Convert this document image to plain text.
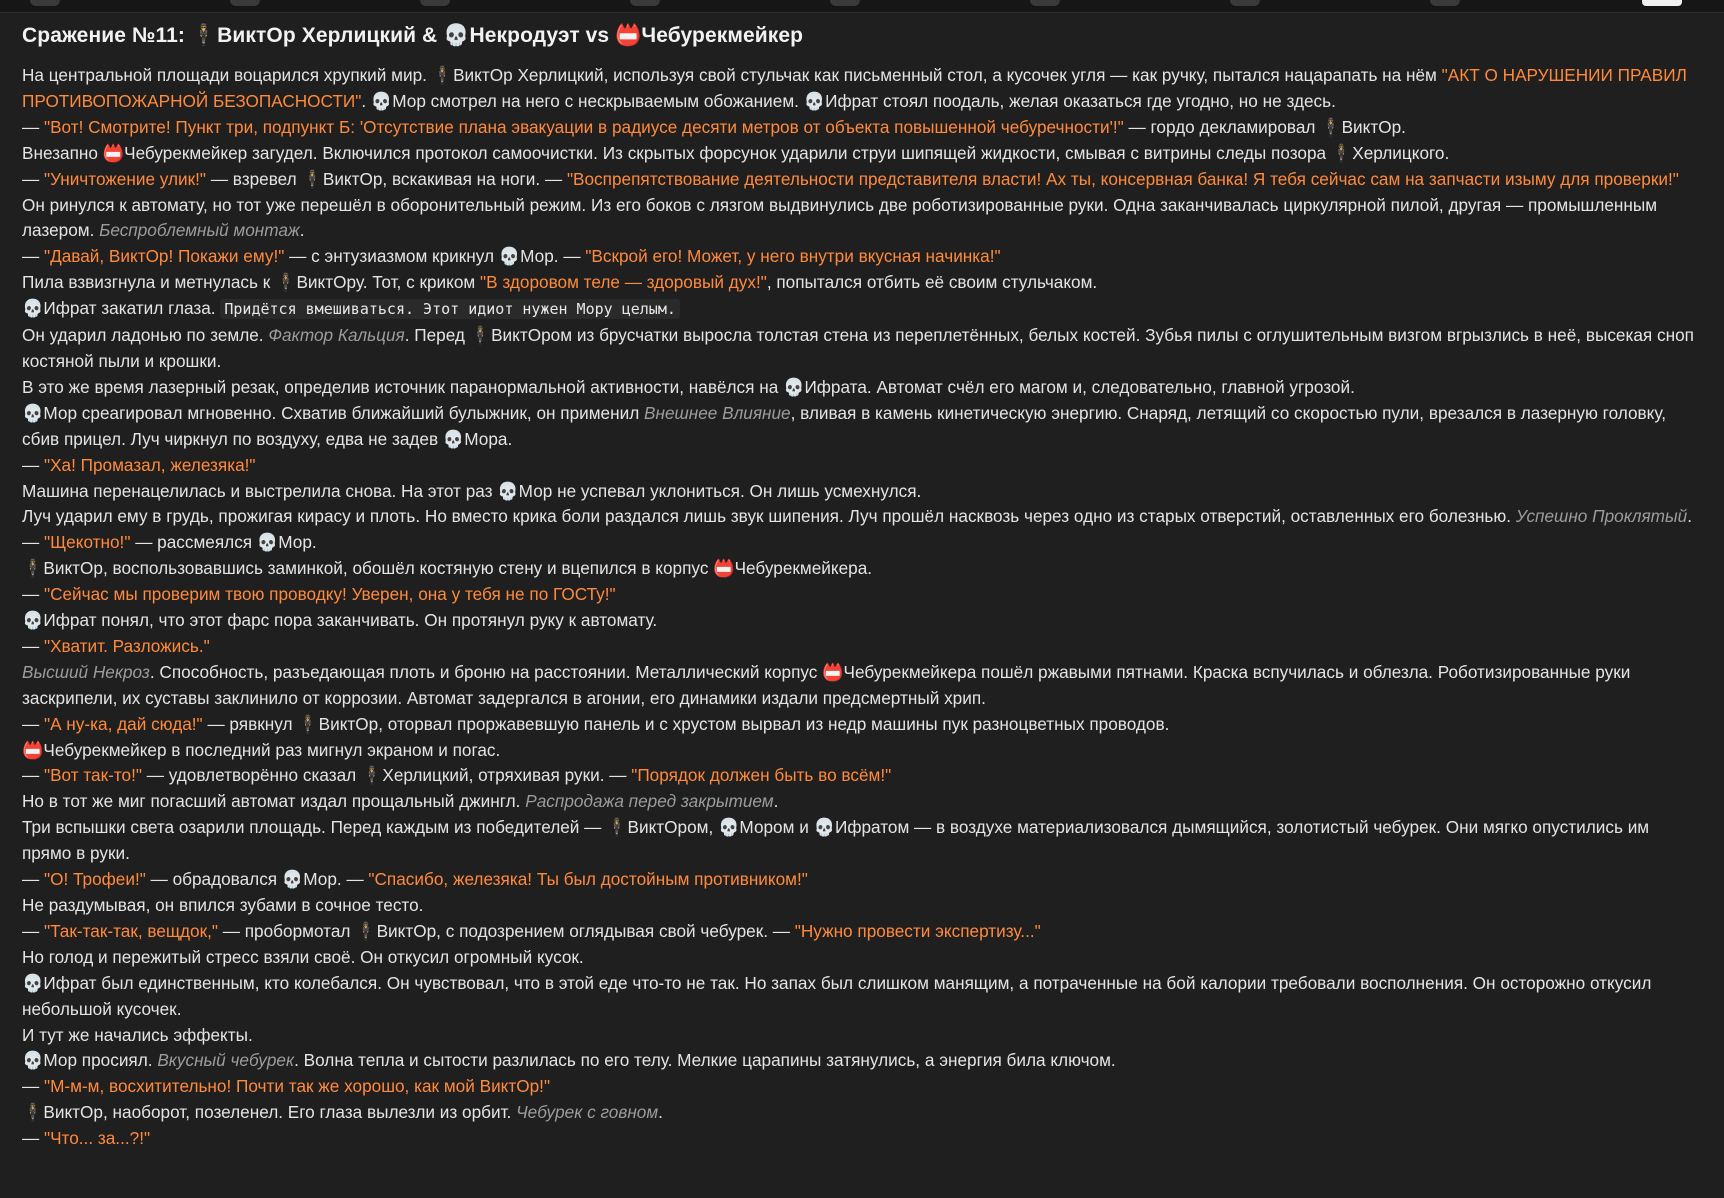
Сражение №11: 🕴ВиктОр Херлицкий & 💀Некродуэт vs 📛Чебурекмейкер

На центральной площади воцарился хрупкий мир. 🕴ВиктОр Херлицкий, используя свой стульчак как письменный стол, а кусочек угля — как ручку, пытался нацарапать на нём "АКТ О НАРУШЕНИИ ПРАВИЛ ПРОТИВОПОЖАРНОЙ БЕЗОПАСНОСТИ". 💀Мор смотрел на него с нескрываемым обожанием. 💀Ифрат стоял поодаль, желая оказаться где угодно, но не здесь.

— "Вот! Смотрите! Пункт три, подпункт Б: 'Отсутствие плана эвакуации в радиусе десяти метров от объекта повышенной чебуречности'!" — гордо декламировал 🕴ВиктОр.

Внезапно 📛Чебурекмейкер загудел. Включился протокол самоочистки. Из скрытых форсунок ударили струи шипящей жидкости, смывая с витрины следы позора 🕴Херлицкого.

— "Уничтожение улик!" — взревел 🕴ВиктОр, вскакивая на ноги. — "Воспрепятствование деятельности представителя власти! Ах ты, консервная банка! Я тебя сейчас сам на запчасти изыму для проверки!"

Он ринулся к автомату, но тот уже перешёл в оборонительный режим. Из его боков с лязгом выдвинулись две роботизированные руки. Одна заканчивалась циркулярной пилой, другая — промышленным лазером. Беспроблемный монтаж.

— "Давай, ВиктОр! Покажи ему!" — с энтузиазмом крикнул 💀Мор. — "Вскрой его! Может, у него внутри вкусная начинка!"

Пила взвизгнула и метнулась к 🕴ВиктОру. Тот, с криком "В здоровом теле — здоровый дух!", попытался отбить её своим стульчаком.

💀Ифрат закатил глаза. Придётся вмешиваться. Этот идиот нужен Мору целым.

Он ударил ладонью по земле. Фактор Кальция. Перед 🕴ВиктОром из брусчатки выросла толстая стена из переплетённых, белых костей. Зубья пилы с оглушительным визгом вгрызлись в неё, высекая сноп костяной пыли и крошки.

В это же время лазерный резак, определив источник паранормальной активности, навёлся на 💀Ифрата. Автомат счёл его магом и, следовательно, главной угрозой.

💀Мор среагировал мгновенно. Схватив ближайший булыжник, он применил Внешнее Влияние, вливая в камень кинетическую энергию. Снаряд, летящий со скоростью пули, врезался в лазерную головку, сбив прицел. Луч чиркнул по воздуху, едва не задев 💀Мора.

— "Ха! Промазал, железяка!"

Машина перенацелилась и выстрелила снова. На этот раз 💀Мор не успевал уклониться. Он лишь усмехнулся.

Луч ударил ему в грудь, прожигая кирасу и плоть. Но вместо крика боли раздался лишь звук шипения. Луч прошёл насквозь через одно из старых отверстий, оставленных его болезнью. Успешно Проклятый.

— "Щекотно!" — рассмеялся 💀Мор.

🕴ВиктОр, воспользовавшись заминкой, обошёл костяную стену и вцепился в корпус 📛Чебурекмейкера.

— "Сейчас мы проверим твою проводку! Уверен, она у тебя не по ГОСТу!"

💀Ифрат понял, что этот фарс пора заканчивать. Он протянул руку к автомату.

— "Хватит. Разложись."

Высший Некроз. Способность, разъедающая плоть и броню на расстоянии. Металлический корпус 📛Чебурекмейкера пошёл ржавыми пятнами. Краска вспучилась и облезла. Роботизированные руки заскрипели, их суставы заклинило от коррозии. Автомат задергался в агонии, его динамики издали предсмертный хрип.

— "А ну-ка, дай сюда!" — рявкнул 🕴ВиктОр, оторвал проржавевшую панель и с хрустом вырвал из недр машины пук разноцветных проводов.

📛Чебурекмейкер в последний раз мигнул экраном и погас.

— "Вот так-то!" — удовлетворённо сказал 🕴Херлицкий, отряхивая руки. — "Порядок должен быть во всём!"

Но в тот же миг погасший автомат издал прощальный джингл. Распродажа перед закрытием.

Три вспышки света озарили площадь. Перед каждым из победителей — 🕴ВиктОром, 💀Мором и 💀Ифратом — в воздухе материализовался дымящийся, золотистый чебурек. Они мягко опустились им прямо в руки.

— "О! Трофеи!" — обрадовался 💀Мор. — "Спасибо, железяка! Ты был достойным противником!"

Не раздумывая, он впился зубами в сочное тесто.

— "Так-так-так, вещдок," — пробормотал 🕴ВиктОр, с подозрением оглядывая свой чебурек. — "Нужно провести экспертизу..."

Но голод и пережитый стресс взяли своё. Он откусил огромный кусок.

💀Ифрат был единственным, кто колебался. Он чувствовал, что в этой еде что-то не так. Но запах был слишком манящим, а потраченные на бой калории требовали восполнения. Он осторожно откусил небольшой кусочек.

И тут же начались эффекты.

💀Мор просиял. Вкусный чебурек. Волна тепла и сытости разлилась по его телу. Мелкие царапины затянулись, а энергия била ключом.

— "М-м-м, восхитительно! Почти так же хорошо, как мой ВиктОр!"

🕴ВиктОр, наоборот, позеленел. Его глаза вылезли из орбит. Чебурек с говном.

— "Что... за...?!"
